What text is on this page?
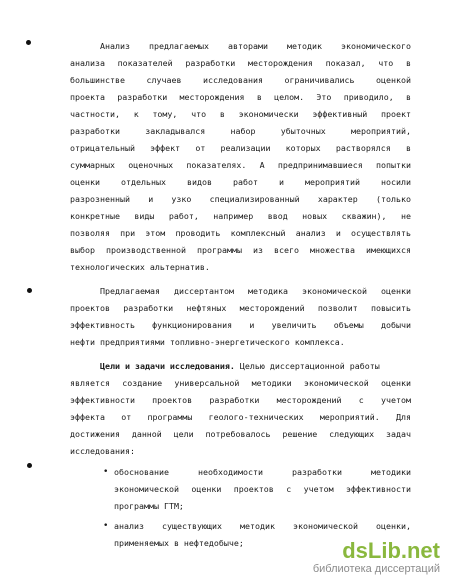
Анализ предлагаемых авторами методик экономического
анализа показателей разработки месторождения показал, что в
большинстве случаев исследования ограничивались оценкой
проекта разработки месторождения в целом. Это приводило, в
частности, к тому, что в экономически эффективный проект
разработки закладывался набор убыточных мероприятий,
отрицательный эффект от реализации которых растворялся в
суммарных оценочных показателях. А предпринимавшиеся попытки
оценки отдельных видов работ и мероприятий носили
разрозненный и узко специализированный характер (только
конкретные виды работ, например ввод новых скважин), не
позволяя при этом проводить комплексный анализ и осуществлять
выбор производственной программы из всего множества имеющихся
технологических альтернатив.
Предлагаемая диссертантом методика экономической оценки
проектов разработки нефтяных месторождений позволит повысить
эффективность функционирования и увеличить объемы добычи
нефти предприятиями топливно-энергетического комплекса.
Цели и задачи исследования. Целью диссертационной работы
является создание универсальной методики экономической оценки
эффективности проектов разработки месторождений с учетом
эффекта от программы геолого-технических мероприятий. Для
достижения данной цели потребовалось решение следующих задач
исследования:
• обоснование необходимости разработки методики
экономической оценки проектов с учетом эффективности
программы ГТМ;
• анализ существующих методик экономической оценки,
применяемых в нефтедобыче;	dsLib.net
библиотека диссертаций
